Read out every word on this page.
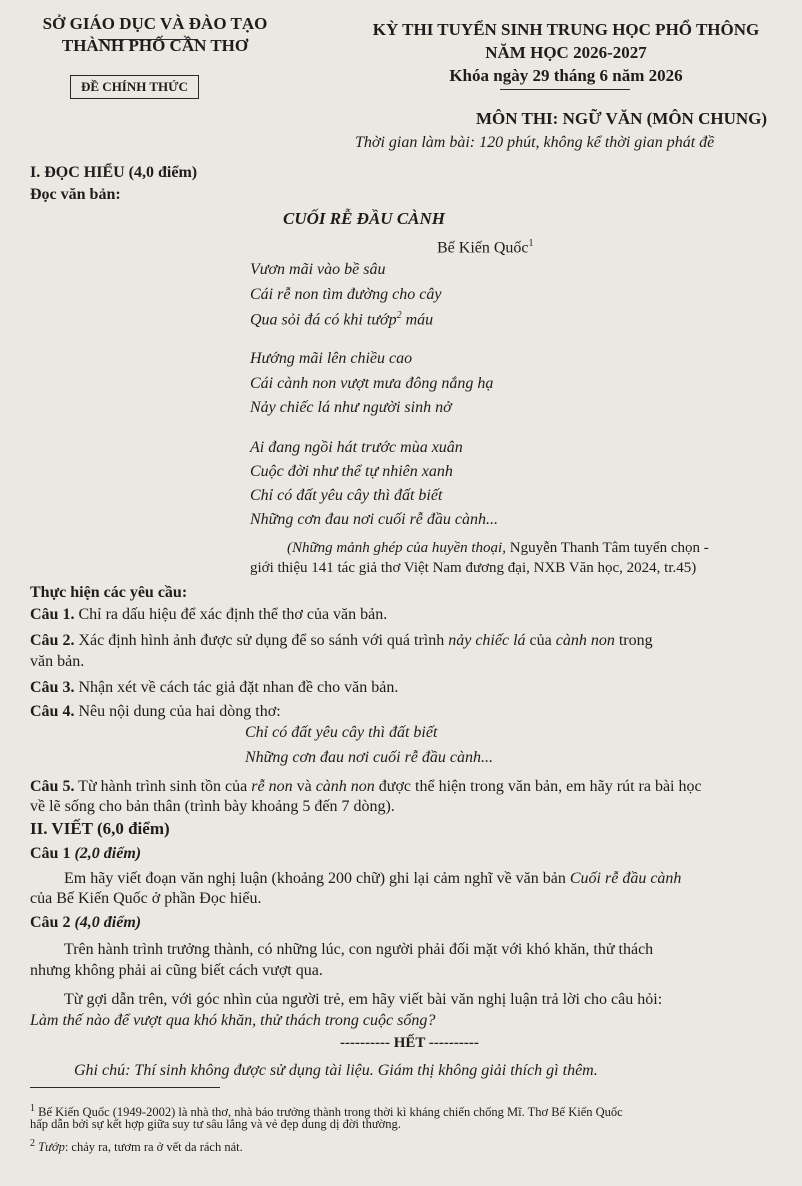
SỞ GIÁO DỤC VÀ ĐÀO TẠO
THÀNH PHỐ CẦN THƠ
ĐỀ CHÍNH THỨC
KỲ THI TUYỂN SINH TRUNG HỌC PHỔ THÔNG
NĂM HỌC 2026-2027
Khóa ngày 29 tháng 6 năm 2026
MÔN THI: NGỮ VĂN (MÔN CHUNG)
Thời gian làm bài: 120 phút, không kể thời gian phát đề
I. ĐỌC HIỂU (4,0 điểm)
Đọc văn bản:
CUỐI RỄ ĐẦU CÀNH
Bế Kiến Quốc$^1$
Vươn mãi vào bề sâu
Cái rễ non tìm đường cho cây
Qua sỏi đá có khi tướp$^2$ máu
Hướng mãi lên chiều cao
Cái cành non vượt mưa đông nắng hạ
Nảy chiếc lá như người sinh nở
Ai đang ngồi hát trước mùa xuân
Cuộc đời như thể tự nhiên xanh
Chỉ có đất yêu cây thì đất biết
Những cơn đau nơi cuối rễ đầu cành...
(Những mảnh ghép của huyền thoại, Nguyễn Thanh Tâm tuyển chọn -
giới thiệu 141 tác giả thơ Việt Nam đương đại, NXB Văn học, 2024, tr.45)
Thực hiện các yêu cầu:
Câu 1. Chỉ ra dấu hiệu để xác định thể thơ của văn bản.
Câu 2. Xác định hình ảnh được sử dụng để so sánh với quá trình nảy chiếc lá của cành non trong
văn bản.
Câu 3. Nhận xét về cách tác giả đặt nhan đề cho văn bản.
Câu 4. Nêu nội dung của hai dòng thơ:
Chỉ có đất yêu cây thì đất biết
Những cơn đau nơi cuối rễ đầu cành...
Câu 5. Từ hành trình sinh tồn của rễ non và cành non được thể hiện trong văn bản, em hãy rút ra bài học
về lẽ sống cho bản thân (trình bày khoảng 5 đến 7 dòng).
II. VIẾT (6,0 điểm)
Câu 1 (2,0 điểm)
Em hãy viết đoạn văn nghị luận (khoảng 200 chữ) ghi lại cảm nghĩ về văn bản Cuối rễ đầu cành
của Bế Kiến Quốc ở phần Đọc hiểu.
Câu 2 (4,0 điểm)
Trên hành trình trưởng thành, có những lúc, con người phải đối mặt với khó khăn, thử thách
nhưng không phải ai cũng biết cách vượt qua.
Từ gợi dẫn trên, với góc nhìn của người trẻ, em hãy viết bài văn nghị luận trả lời cho câu hỏi:
Làm thế nào để vượt qua khó khăn, thử thách trong cuộc sống?
---------- HẾT ----------
Ghi chú: Thí sinh không được sử dụng tài liệu. Giám thị không giải thích gì thêm.
$^1$ Bế Kiến Quốc (1949-2002) là nhà thơ, nhà báo trưởng thành trong thời kì kháng chiến chống Mĩ. Thơ Bế Kiến Quốc
hấp dẫn bởi sự kết hợp giữa suy tư sâu lắng và vẻ đẹp dung dị đời thường.
$^2$ Tướp: chảy ra, tươm ra ở vết da rách nát.
